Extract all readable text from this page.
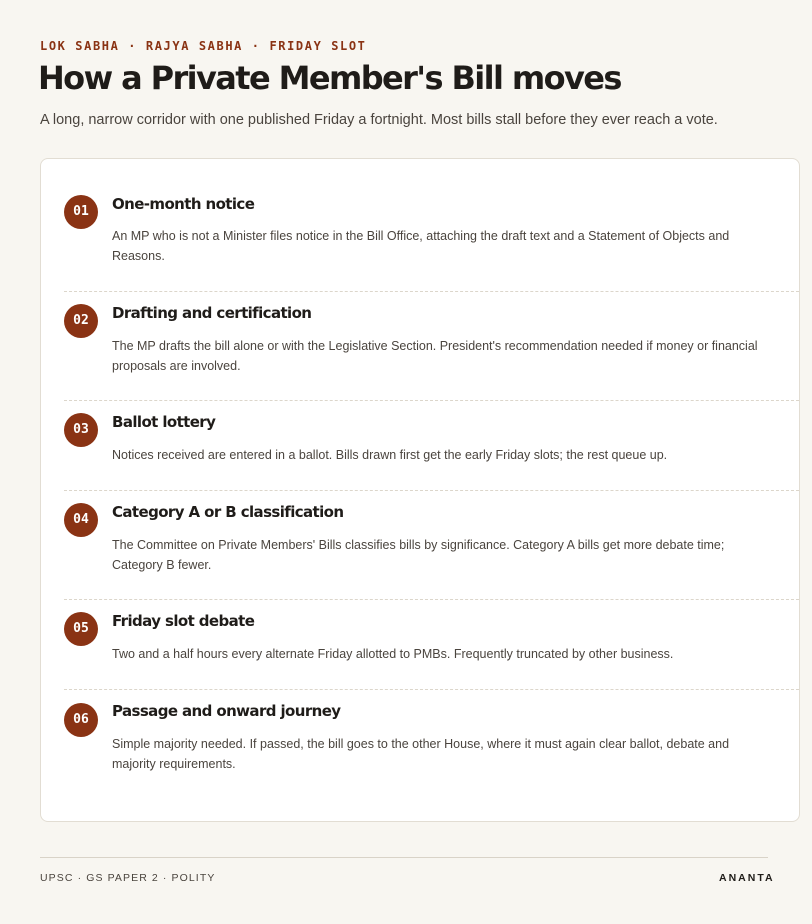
LOK SABHA · RAJYA SABHA · FRIDAY SLOT
How a Private Member's Bill moves
A long, narrow corridor with one published Friday a fortnight. Most bills stall before they ever reach a vote.
01	One-month notice
An MP who is not a Minister files notice in the Bill Office, attaching the draft text and a Statement of Objects and Reasons.
02	Drafting and certification
The MP drafts the bill alone or with the Legislative Section. President's recommendation needed if money or financial proposals are involved.
03	Ballot lottery
Notices received are entered in a ballot. Bills drawn first get the early Friday slots; the rest queue up.
04	Category A or B classification
The Committee on Private Members' Bills classifies bills by significance. Category A bills get more debate time; Category B fewer.
05	Friday slot debate
Two and a half hours every alternate Friday allotted to PMBs. Frequently truncated by other business.
06	Passage and onward journey
Simple majority needed. If passed, the bill goes to the other House, where it must again clear ballot, debate and majority requirements.
UPSC · GS PAPER 2 · POLITY	ANANTA
